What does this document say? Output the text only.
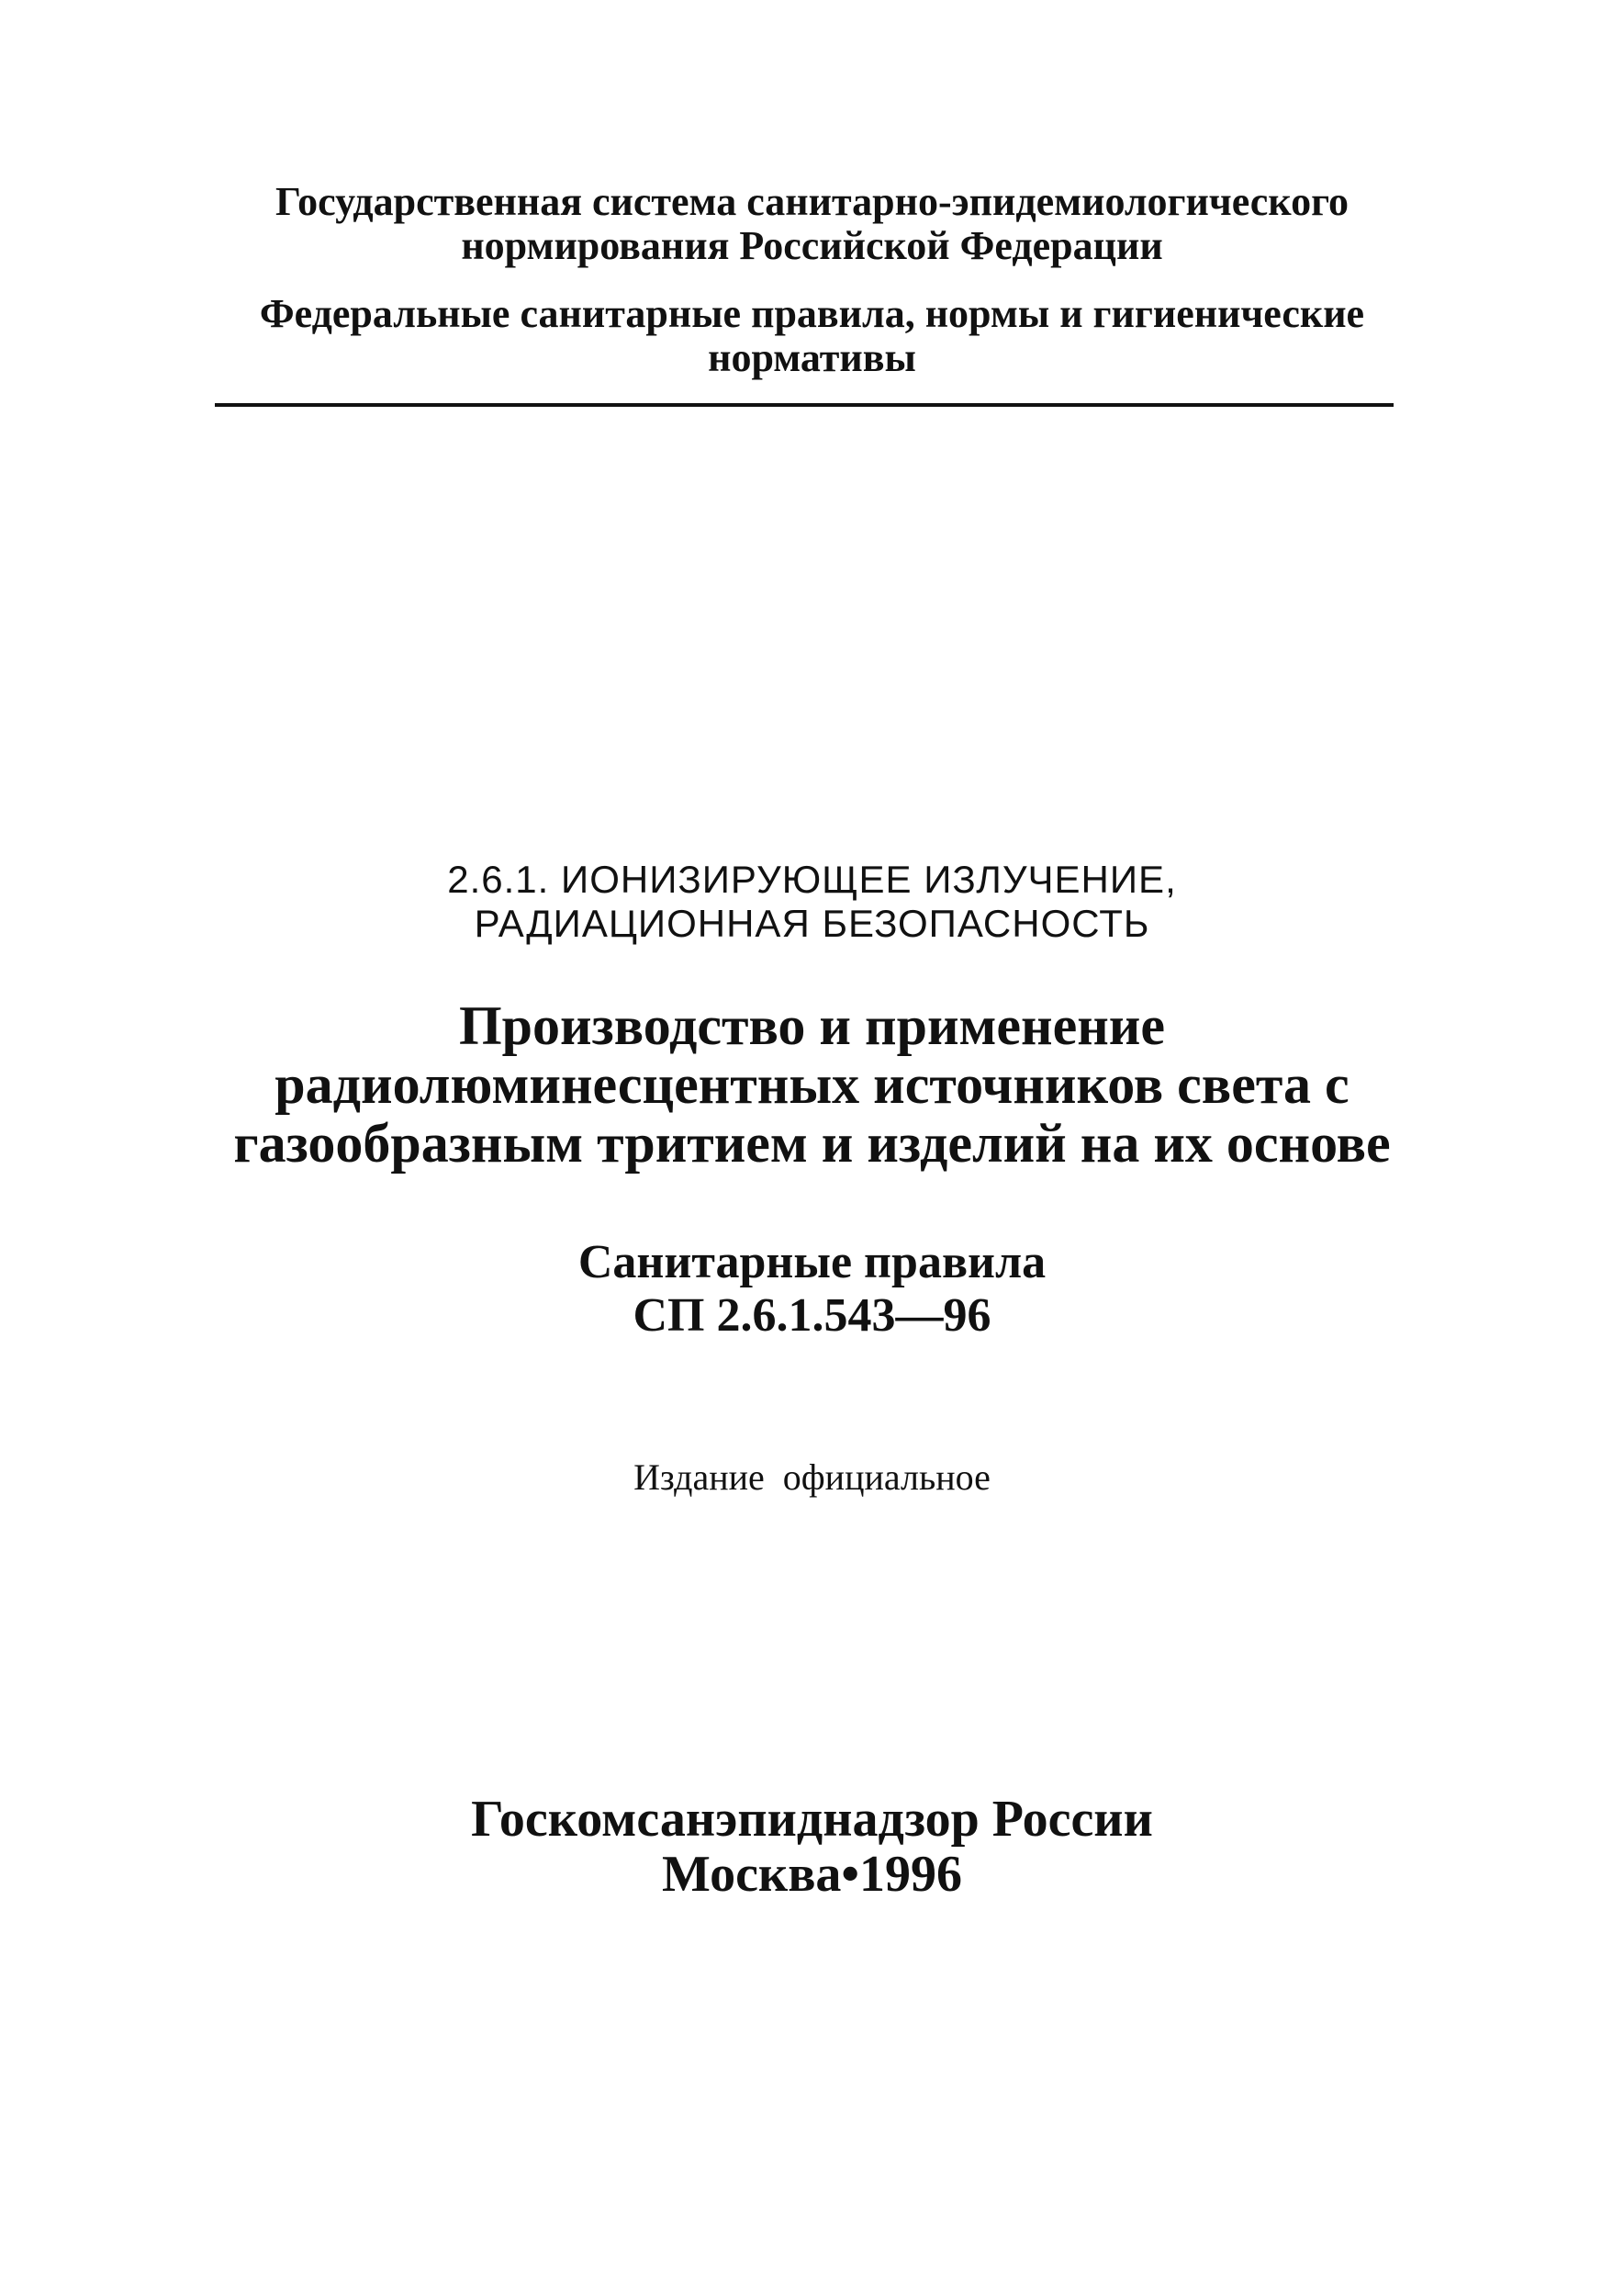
Государственная система санитарно-эпидемиологического
нормирования Российской Федерации
Федеральные санитарные правила, нормы и гигиенические
нормативы
2.6.1. ИОНИЗИРУЮЩЕЕ ИЗЛУЧЕНИЕ,
РАДИАЦИОННАЯ БЕЗОПАСНОСТЬ
Производство и применение
радиолюминесцентных источников света с
газообразным тритием и изделий на их основе
Санитарные правила
СП 2.6.1.543—96
Издание официальное
Госкомсанэпиднадзор России
Москва•1996
